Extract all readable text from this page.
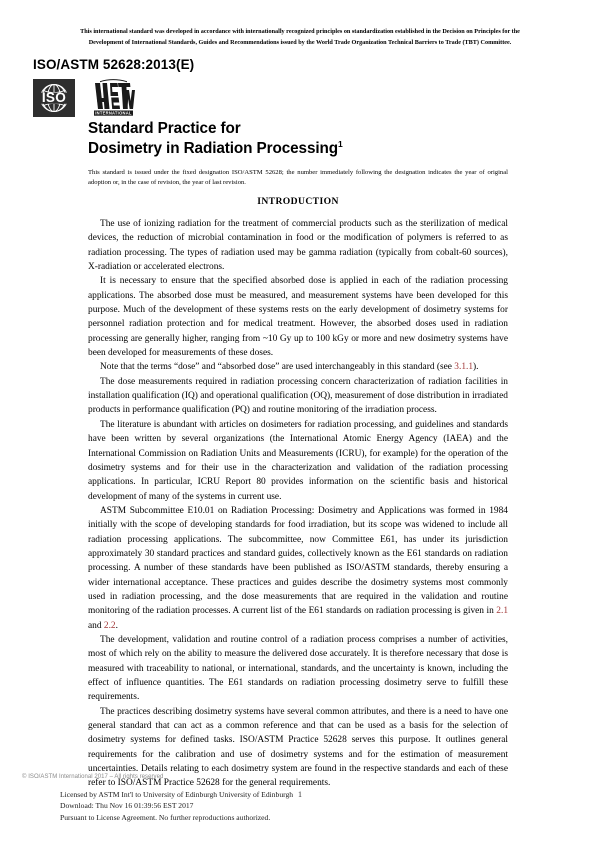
This international standard was developed in accordance with internationally recognized principles on standardization established in the Decision on Principles for the
Development of International Standards, Guides and Recommendations issued by the World Trade Organization Technical Barriers to Trade (TBT) Committee.
ISO/ASTM 52628:2013(E)
ISO
INTERNATIONAL
Standard Practice for
Dosimetry in Radiation Processing$^1$
This standard is issued under the fixed designation ISO/ASTM 52628; the number immediately following the designation indicates the year of original adoption or, in the case of revision, the year of last revision.
INTRODUCTION

The use of ionizing radiation for the treatment of commercial products such as the sterilization of medical devices, the reduction of microbial contamination in food or the modification of polymers is referred to as radiation processing. The types of radiation used may be gamma radiation (typically from cobalt-60 sources), X-radiation or accelerated electrons.

It is necessary to ensure that the specified absorbed dose is applied in each of the radiation processing applications. The absorbed dose must be measured, and measurement systems have been developed for this purpose. Much of the development of these systems rests on the early development of dosimetry systems for personnel radiation protection and for medical treatment. However, the absorbed doses used in radiation processing are generally higher, ranging from ~10 Gy up to 100 kGy or more and new dosimetry systems have been developed for measurements of these doses.

Note that the terms “dose” and “absorbed dose” are used interchangeably in this standard (see 3.1.1).

The dose measurements required in radiation processing concern characterization of radiation facilities in installation qualification (IQ) and operational qualification (OQ), measurement of dose distribution in irradiated products in performance qualification (PQ) and routine monitoring of the irradiation process.

The literature is abundant with articles on dosimeters for radiation processing, and guidelines and standards have been written by several organizations (the International Atomic Energy Agency (IAEA) and the International Commission on Radiation Units and Measurements (ICRU), for example) for the operation of the dosimetry systems and for their use in the characterization and validation of the radiation processing applications. In particular, ICRU Report 80 provides information on the scientific basis and historical development of many of the systems in current use.

ASTM Subcommittee E10.01 on Radiation Processing: Dosimetry and Applications was formed in 1984 initially with the scope of developing standards for food irradiation, but its scope was widened to include all radiation processing applications. The subcommittee, now Committee E61, has under its jurisdiction approximately 30 standard practices and standard guides, collectively known as the E61 standards on radiation processing. A number of these standards have been published as ISO/ASTM standards, thereby ensuring a wider international acceptance. These practices and guides describe the dosimetry systems most commonly used in radiation processing, and the dose measurements that are required in the validation and routine monitoring of the radiation processes. A current list of the E61 standards on radiation processing is given in 2.1 and 2.2.

The development, validation and routine control of a radiation process comprises a number of activities, most of which rely on the ability to measure the delivered dose accurately. It is therefore necessary that dose is measured with traceability to national, or international, standards, and the uncertainty is known, including the effect of influence quantities. The E61 standards on radiation processing dosimetry serve to fulfill these requirements.

The practices describing dosimetry systems have several common attributes, and there is a need to have one general standard that can act as a common reference and that can be used as a basis for the selection of dosimetry systems for defined tasks. ISO/ASTM Practice 52628 serves this purpose. It outlines general requirements for the calibration and use of dosimetry systems and for the estimation of measurement uncertainties. Details relating to each dosimetry system are found in the respective standards and each of these refer to ISO/ASTM Practice 52628 for the general requirements.

© ISO/ASTM International 2017 – All rights reserved
Licensed by ASTM Int'l to University of Edinburgh University of Edinburgh
Download: Thu Nov 16 01:39:56 EST 2017
Pursuant to License Agreement. No further reproductions authorized.
1
